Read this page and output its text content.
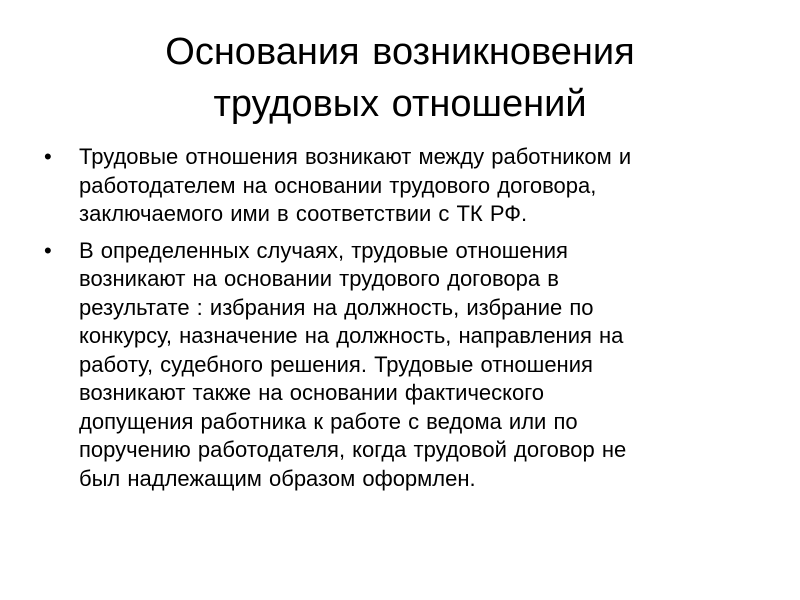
Основания возникновения
трудовых отношений
• Трудовые отношения возникают между работником и
работодателем на основании трудового договора,
заключаемого ими в соответствии с ТК РФ.
• В определенных случаях, трудовые отношения
возникают на основании трудового договора в
результате : избрания на должность, избрание по
конкурсу, назначение на должность, направления на
работу, судебного решения. Трудовые отношения
возникают также на основании фактического
допущения работника к работе с ведома или по
поручению работодателя, когда трудовой договор не
был надлежащим образом оформлен.
